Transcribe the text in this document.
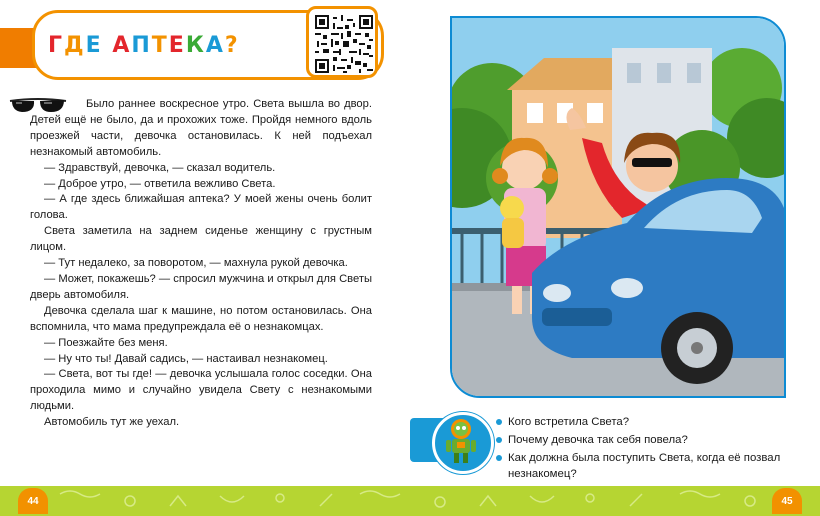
Г Д Е
А П Т Е К А ?

Было раннее воскресное утро. Света вышла во двор. Детей ещё не было, да и прохожих тоже. Пройдя немного вдоль проезжей части, девочка остановилась. К ней подъехал незнакомый автомобиль.

— Здравствуй, девочка, — сказал водитель.

— Доброе утро, — ответила вежливо Света.

— А где здесь ближайшая аптека? У моей жены очень болит голова.

Света заметила на заднем сиденье женщину с грустным лицом.

— Тут недалеко, за поворотом, — махнула рукой девочка.

— Может, покажешь? — спросил мужчина и открыл для Светы дверь автомобиля.

Девочка сделала шаг к машине, но потом остановилась. Она вспомнила, что мама предупреждала её о незнакомцах.

— Поезжайте без меня.

— Ну что ты! Давай садись, — настаивал незнакомец.

— Света, вот ты где! — девочка услышала голос соседки. Она проходила мимо и случайно увидела Свету с незнакомыми людьми.

Автомобиль тут же уехал.	Кого встретила Света?
Почему девочка так себя повела?
Как должна была поступить Света, когда её позвал незнакомец?
44	45
